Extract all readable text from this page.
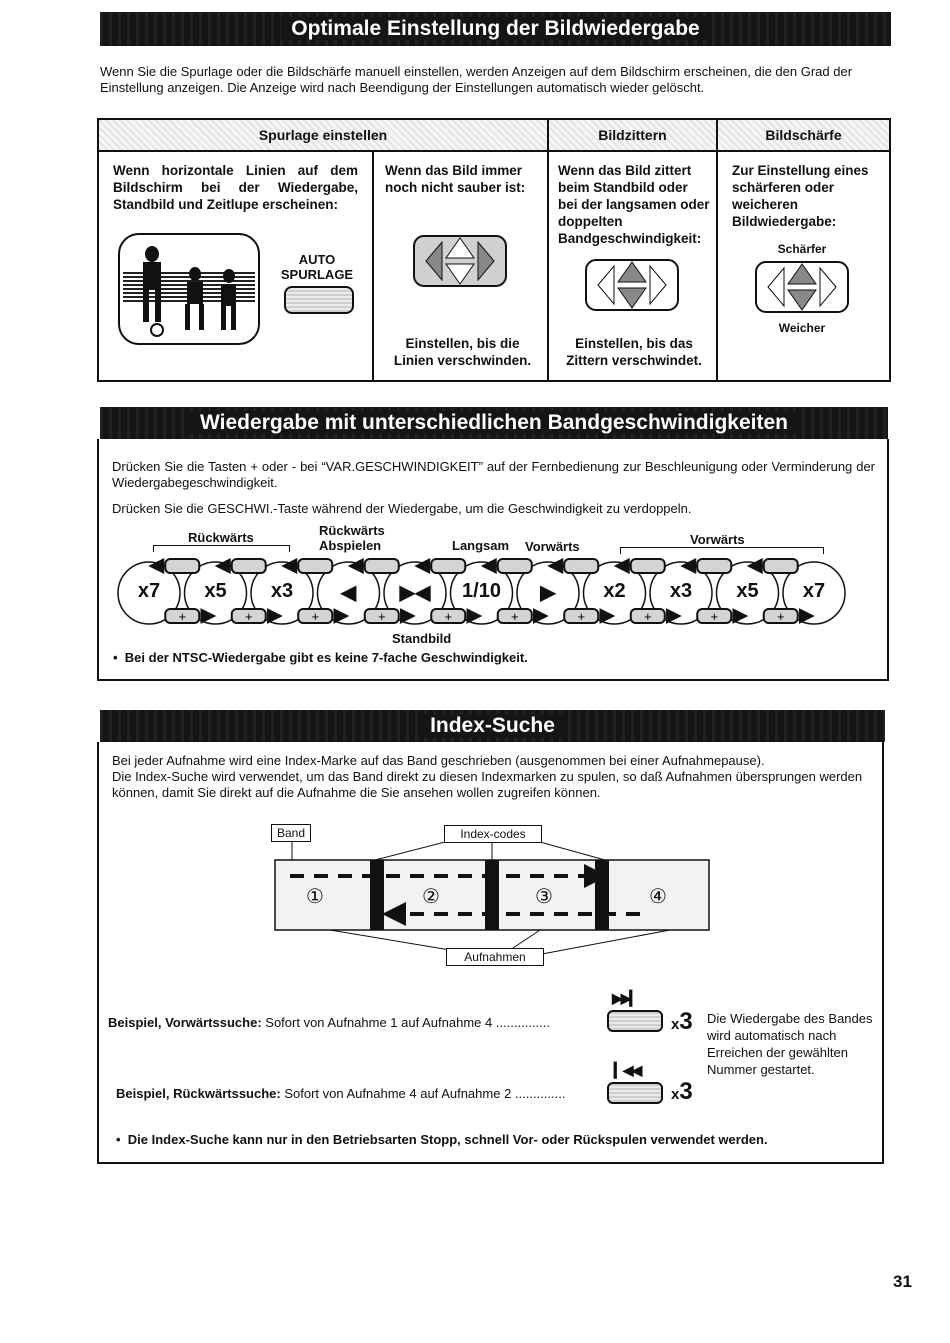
Optimale Einstellung der Bildwiedergabe
Wenn Sie die Spurlage oder die Bildschärfe manuell einstellen, werden Anzeigen auf dem Bildschirm erscheinen, die den Grad der Einstellung anzeigen. Die Anzeige wird nach Beendigung der Einstellungen automatisch wieder gelöscht.
Spurlage einstellen	Bildzittern	Bildschärfe
Wenn horizontale Linien auf dem Bildschirm bei der Wiedergabe, Standbild und Zeitlupe erscheinen:
AUTO
SPURLAGE
Wenn das Bild immer noch nicht sauber ist:
Einstellen, bis die Linien verschwinden.
Wenn das Bild zittert beim Standbild oder bei der langsamen oder doppelten Bandgeschwindigkeit:
Einstellen, bis das Zittern verschwindet.
Zur Einstellung eines schärferen oder weicheren Bildwiedergabe:
Schärfer
Weicher
Wiedergabe mit unterschiedlichen Bandgeschwindigkeiten
Drücken Sie die Tasten + oder - bei “VAR.GESCHWINDIGKEIT” auf der Fernbedienung zur Beschleunigung oder Verminderung der Wiedergabegeschwindigkeit.
Drücken Sie die GESCHWI.-Taste während der Wiedergabe, um die Geschwindigkeit zu verdoppeln.
Rückwärts	Rückwärts
Abspielen	Langsam Vorwärts	Vorwärts
+	+	+	+	+	+	+	+	+	+
x7	x5	x3	◀	▶◀	1/10	▶	x2	x3	x5	x7
Standbild
•  Bei der NTSC-Wiedergabe gibt es keine 7-fache Geschwindigkeit.
Index-Suche
Bei jeder Aufnahme wird eine Index-Marke auf das Band geschrieben (ausgenommen bei einer Aufnahmepause).
Die Index-Suche wird verwendet, um das Band direkt zu diesen Indexmarken zu spulen, so daß Aufnahmen übersprungen werden können, damit Sie direkt auf die Aufnahme die Sie ansehen wollen zugreifen können.
Band	Index-codes
①	②	③	④
Aufnahmen
Beispiel, Vorwärtssuche: Sofort von Aufnahme 1 auf Aufnahme 4 ...............
Beispiel, Rückwärtssuche: Sofort von Aufnahme 4 auf Aufnahme 2 ..............
▶▶▎
x3
▎◀◀
x3
Die Wiedergabe des Bandes wird automatisch nach Erreichen der gewählten Nummer gestartet.
•  Die Index-Suche kann nur in den Betriebsarten Stopp, schnell Vor- oder Rückspulen verwendet werden.
31
